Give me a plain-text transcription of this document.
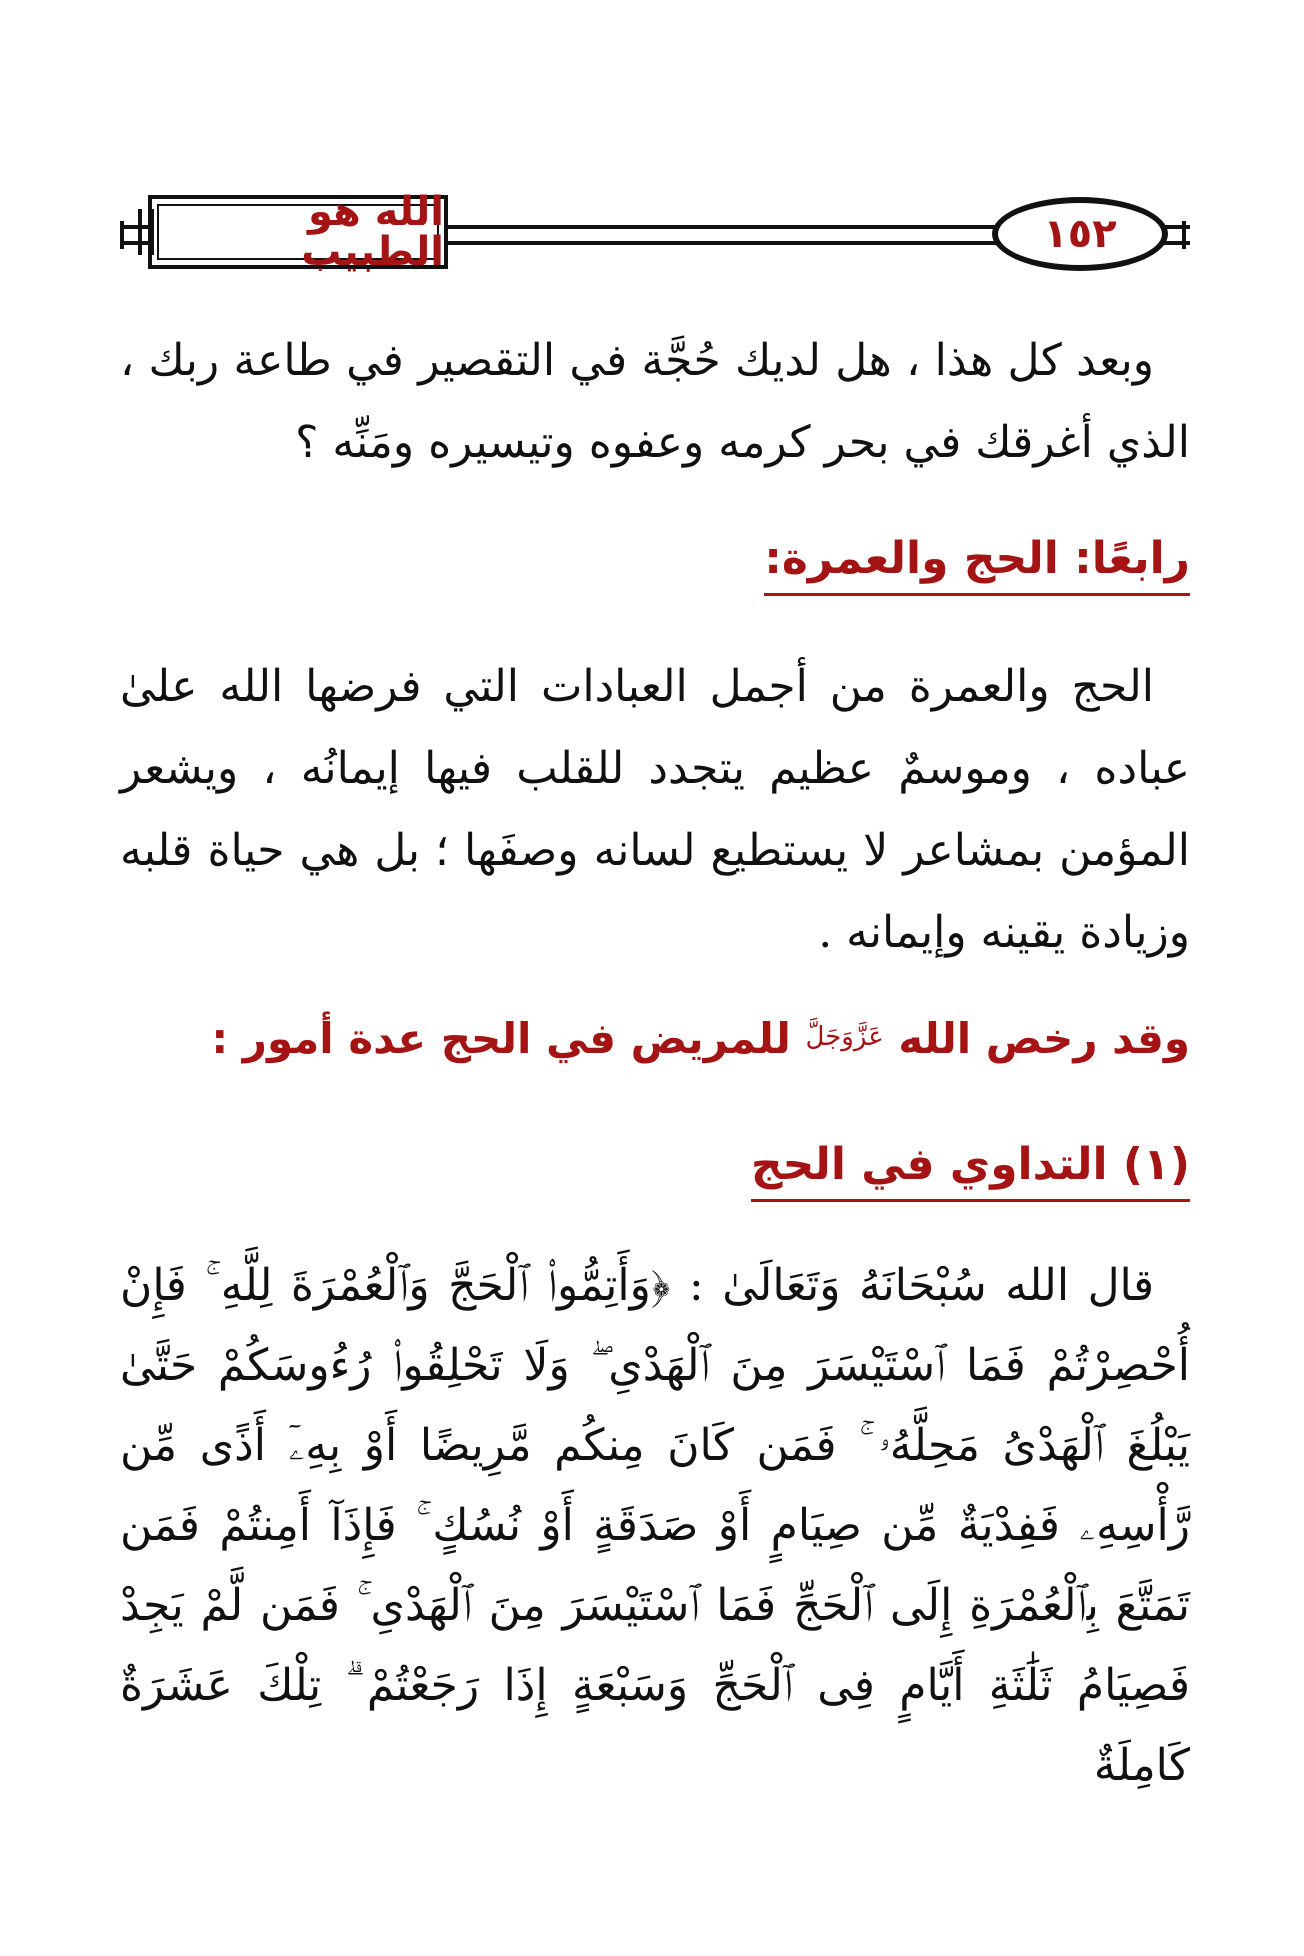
الله هو الطبيب	١٥٢

وبعد كل هذا ، هل لديك حُجَّة في التقصير في طاعة ربك ، الذي أغرقك في بحر كرمه وعفوه وتيسيره ومَنِّه ؟

رابعًا: الحج والعمرة:

الحج والعمرة من أجمل العبادات التي فرضها الله علىٰ عباده ، وموسمٌ عظيم يتجدد للقلب فيها إيمانُه ، ويشعر المؤمن بمشاعر لا يستطيع لسانه وصفَها ؛ بل هي حياة قلبه وزيادة يقينه وإيمانه .

وقد رخص الله عَزَّوَجَلَّ للمريض في الحج عدة أمور :
(١) التداوي في الحج

قال الله سُبْحَانَهُ وَتَعَالَىٰ : ﴿وَأَتِمُّوا۟ ٱلْحَجَّ وَٱلْعُمْرَةَ لِلَّهِ ۚ فَإِنْ أُحْصِرْتُمْ فَمَا ٱسْتَيْسَرَ مِنَ ٱلْهَدْىِ ۖ وَلَا تَحْلِقُوا۟ رُءُوسَكُمْ حَتَّىٰ يَبْلُغَ ٱلْهَدْىُ مَحِلَّهُۥ ۚ فَمَن كَانَ مِنكُم مَّرِيضًا أَوْ بِهِۦٓ أَذًى مِّن رَّأْسِهِۦ فَفِدْيَةٌ مِّن صِيَامٍ أَوْ صَدَقَةٍ أَوْ نُسُكٍ ۚ فَإِذَآ أَمِنتُمْ فَمَن تَمَتَّعَ بِٱلْعُمْرَةِ إِلَى ٱلْحَجِّ فَمَا ٱسْتَيْسَرَ مِنَ ٱلْهَدْىِ ۚ فَمَن لَّمْ يَجِدْ فَصِيَامُ ثَلَٰثَةِ أَيَّامٍ فِى ٱلْحَجِّ وَسَبْعَةٍ إِذَا رَجَعْتُمْ ۗ تِلْكَ عَشَرَةٌ كَامِلَةٌ
